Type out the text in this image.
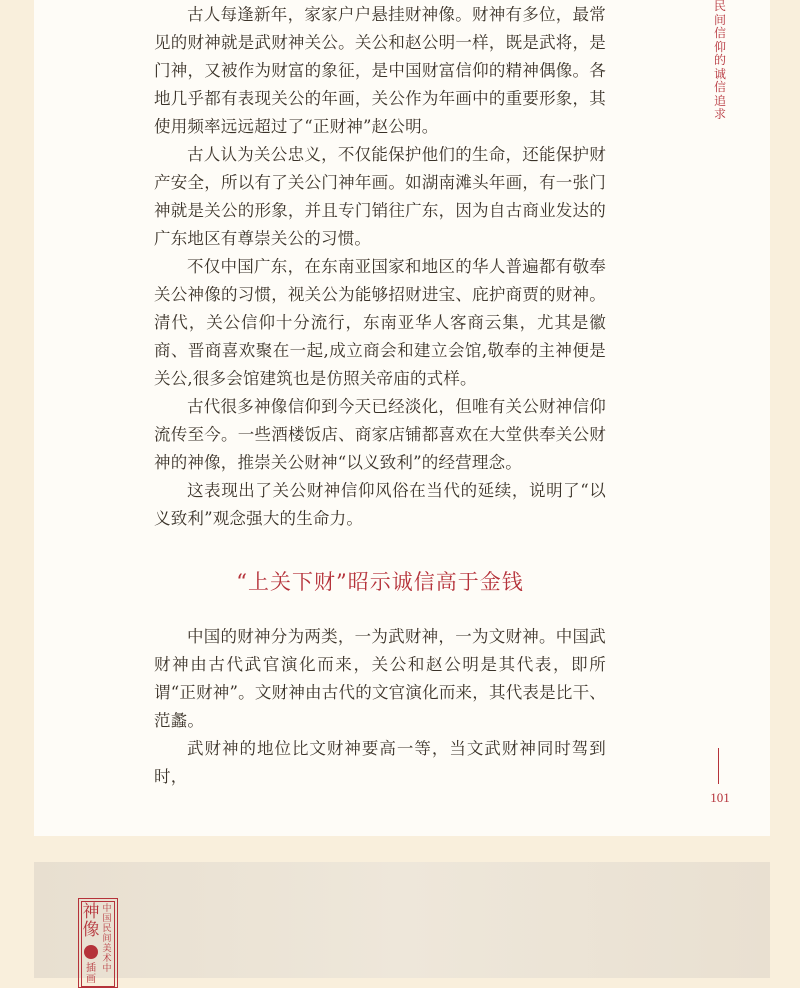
古人每逢新年，家家户户悬挂财神像。财神有多位，最常见的财神就是武财神关公。关公和赵公明一样，既是武将，是门神，又被作为财富的象征，是中国财富信仰的精神偶像。各地几乎都有表现关公的年画，关公作为年画中的重要形象，其使用频率远远超过了“正财神”赵公明。

古人认为关公忠义，不仅能保护他们的生命，还能保护财产安全，所以有了关公门神年画。如湖南滩头年画，有一张门神就是关公的形象，并且专门销往广东，因为自古商业发达的广东地区有尊崇关公的习惯。

不仅中国广东，在东南亚国家和地区的华人普遍都有敬奉关公神像的习惯，视关公为能够招财进宝、庇护商贾的财神。清代，关公信仰十分流行，东南亚华人客商云集，尤其是徽商、晋商喜欢聚在一起,成立商会和建立会馆,敬奉的主神便是关公,很多会馆建筑也是仿照关帝庙的式样。

古代很多神像信仰到今天已经淡化，但唯有关公财神信仰流传至今。一些酒楼饭店、商家店铺都喜欢在大堂供奉关公财神的神像，推崇关公财神“以义致利”的经营理念。

这表现出了关公财神信仰风俗在当代的延续，说明了“以义致利”观念强大的生命力。

“上关下财”昭示诚信高于金钱

中国的财神分为两类，一为武财神，一为文财神。中国武财神由古代武官演化而来，关公和赵公明是其代表，即所谓“正财神”。文财神由古代的文官演化而来，其代表是比干、范蠡。

武财神的地位比文财神要高一等，当文武财神同时驾到时，

民间信仰的诚信追求
101
神像
中国民间美术中
插画
